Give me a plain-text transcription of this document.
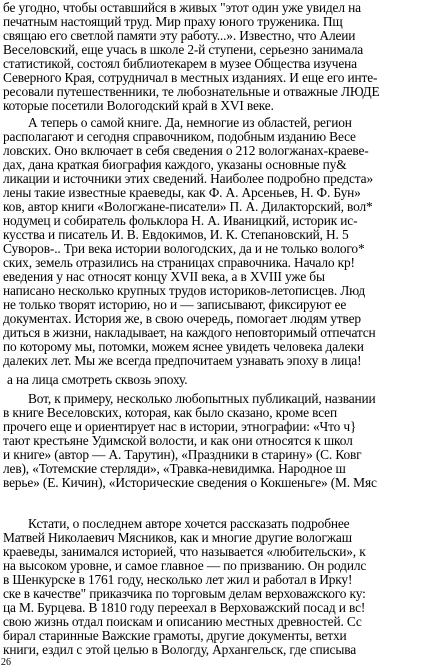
бе угодно, чтобы оставшийся в живых "этот один уже увидел на
печатным настоящий труд. Мир праху юного труженика. Пщ
свящаю его светлой памяти эту работу...». Известно, что Алеии
Веселовский, еще учась в школе 2-й ступени, серьезно занимала
статистикой, состоял библиотекарем в музее Общества изучена
Северного Края, сотрудничал в местных изданиях. И еще его инте-
ресовали путешественники, те любознательные и отважные ЛЮДЕ
которые посетили Вологодский край в XVI веке.
А теперь о самой книге. Да, немногие из областей, регион
располагают и сегодня справочником, подобным изданию Весе
ловских. Оно включает в себя сведения о 212 вологжанах-краеве-
дах, дана краткая биография каждого, указаны основные пу&
ликации и источники этих сведений. Наиболее подробно предста»
лены такие известные краеведы, как Ф. А. Арсеньев, Н. Ф. Бун»
ков, автор книги «Вологжане-писатели» П. А. Дилакторский, вол*
нодумец и собиратель фольклора Н. А. Иваницкий, историк ис-
кусства и писатель И. В. Евдокимов, И. К. Степановский, Н. 5
Суворов-.. Три века истории вологодских, да и не только волого*
ских, земель отразились на страницах справочника. Начало кр!
еведения у нас относят концу XVII века, а в XVIII уже бы
написано несколько крупных трудов историков-летописцев. Люд
не только творят историю, но и — записывают, фиксируют ее
документах. История же, в свою очередь, помогает людям утвер
диться в жизни, накладывает, на каждого неповторимый отпечатсн
по которому мы, потомки, можем яснее увидеть человека далеки
далеких лет. Мы же всегда предпочитаем узнавать эпоху в лица!
а на лица смотреть сквозь эпоху.
Вот, к примеру, несколько любопытных публикаций, названии
в книге Веселовских, которая, как было сказано, кроме всеп
прочего еще и ориентирует нас в истории, этнографии: «Что ч}
тают крестьяне Удимской волости, и как они относятся к школ
и книге» (автор — А. Тарутин), «Праздники в старину» (С. Ковг
лев), «Тотемские стерляди», «Травка-невидимка. Народное ш
верье» (Е. Кичин), «Исторические сведения о Кокшеньге» (М. Мяс
Кстати, о последнем авторе хочется рассказать подробнее
Матвей Николаевич Мясников, как и многие другие вологжаш
краеведы, занимался историей, что называется «любительски», к
на высоком уровне, и самое главное — по призванию. Он родилс
в Шенкурске в 1761 году, несколько лет жил и работал в Ирку!
ске в качестве" приказчика по торговым делам верховажского ку:
ца М. Бурцева. В 1810 году переехал в Верховажский посад и вс!
свою жизнь отдал поискам и описанию местных древностей. Сс
бирал старинные Важские грамоты, другие документы, ветхи
книги, ездил с этой целью в Вологду, Архангельск, где списыва
26
